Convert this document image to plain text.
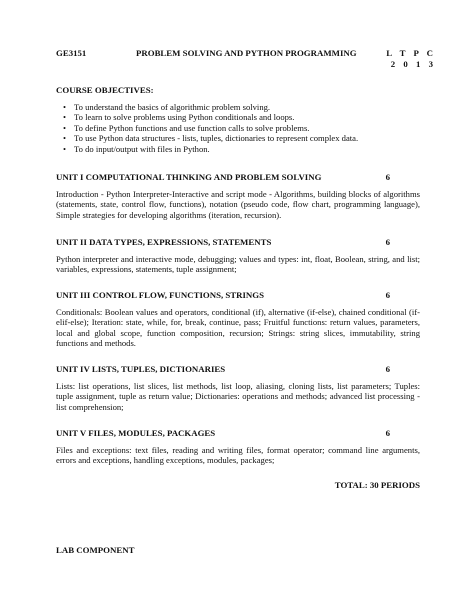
GE3151	PROBLEM SOLVING AND PYTHON PROGRAMMING	L T P C
2 0 1 3
COURSE OBJECTIVES:
• To understand the basics of algorithmic problem solving.
• To learn to solve problems using Python conditionals and loops.
• To define Python functions and use function calls to solve problems.
• To use Python data structures - lists, tuples, dictionaries to represent complex data.
• To do input/output with files in Python.
UNIT I COMPUTATIONAL THINKING AND PROBLEM SOLVING	6
Introduction - Python Interpreter-Interactive and script mode - Algorithms, building blocks of algorithms (statements, state, control flow, functions), notation (pseudo code, flow chart, programming language), Simple strategies for developing algorithms (iteration, recursion).
UNIT II DATA TYPES, EXPRESSIONS, STATEMENTS	6
Python interpreter and interactive mode, debugging; values and types: int, float, Boolean, string, and list; variables, expressions, statements, tuple assignment;
UNIT III CONTROL FLOW, FUNCTIONS, STRINGS	6
Conditionals: Boolean values and operators, conditional (if), alternative (if-else), chained conditional (if-elif-else); Iteration: state, while, for, break, continue, pass; Fruitful functions: return values, parameters, local and global scope, function composition, recursion; Strings: string slices, immutability, string functions and methods.
UNIT IV LISTS, TUPLES, DICTIONARIES	6
Lists: list operations, list slices, list methods, list loop, aliasing, cloning lists, list parameters; Tuples: tuple assignment, tuple as return value; Dictionaries: operations and methods; advanced list processing - list comprehension;
UNIT V FILES, MODULES, PACKAGES	6
Files and exceptions: text files, reading and writing files, format operator; command line arguments, errors and exceptions, handling exceptions, modules, packages;
TOTAL: 30 PERIODS
LAB COMPONENT
